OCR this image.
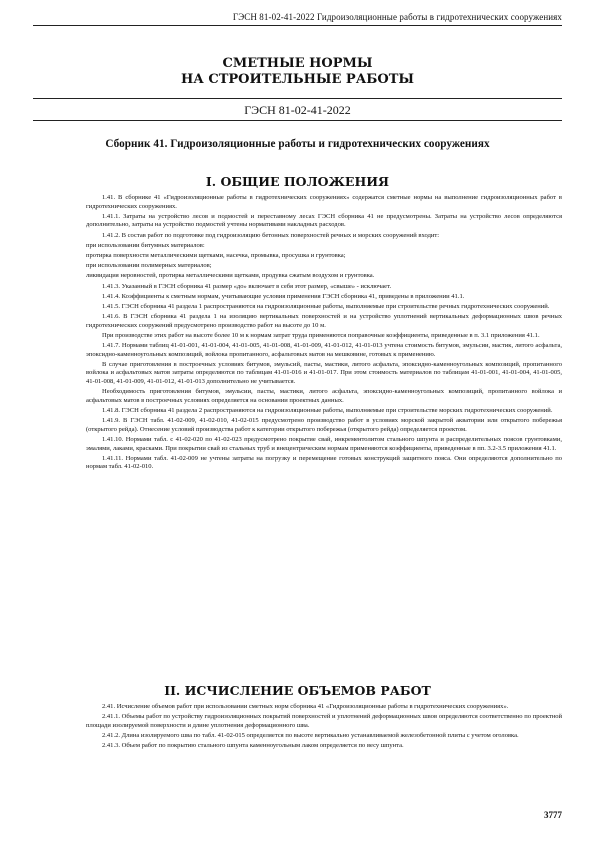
ГЭСН 81-02-41-2022 Гидроизоляционные работы в гидротехнических сооружениях
СМЕТНЫЕ НОРМЫ
НА СТРОИТЕЛЬНЫЕ РАБОТЫ
ГЭСН 81-02-41-2022
Сборник 41. Гидроизоляционные работы и гидротехнических сооружениях
I. ОБЩИЕ ПОЛОЖЕНИЯ

1.41. В сборнике 41 «Гидроизоляционные работы в гидротехнических сооружениях» содержатся сметные нормы на выполнение гидроизоляционных работ в гидротехнических сооружениях.

1.41.1. Затраты на устройство лесов и подмостей и переставному лесах ГЭСН сборника 41 не предусмотрены. Затраты на устройство лесов определяются дополнительно, затраты на устройство подмостей учтены нормативами накладных расходов.

1.41.2. В состав работ по подготовке под гидроизоляцию бетонных поверхностей речных и морских сооружений входит:

при использовании битумных материалов:

протирка поверхности металлическими щетками, насечка, промывка, просушка и грунтовка;

при использовании полимерных материалов;

ликвидация неровностей, протирка металлическими щетками, продувка сжатым воздухом и грунтовка.

1.41.3. Указанный в ГЭСН сборника 41 размер «до» включает в себя этот размер, «свыше» - исключает.

1.41.4. Коэффициенты к сметным нормам, учитывающие условия применения ГЭСН сборника 41, приведены в приложении 41.1.

1.41.5. ГЭСН сборника 41 раздела 1 распространяются на гидроизоляционные работы, выполняемые при строительстве речных гидротехнических сооружений.

1.41.6. В ГЭСН сборника 41 раздела 1 на изоляцию вертикальных поверхностей и на устройство уплотнений вертикальных деформационных швов речных гидротехнических сооружений предусмотрено производство работ на высоте до 10 м.

При производстве этих работ на высоте более 10 м к нормам затрат труда применяются поправочные коэффициенты, приведенные в п. 3.1 приложения 41.1.

1.41.7. Нормами таблиц 41-01-001, 41-01-004, 41-01-005, 41-01-008, 41-01-009, 41-01-012, 41-01-013 учтена стоимость битумов, эмульсии, мастик, литого асфальта, эпоксидно-каменноугольных композиций, войлока пропитанного, асфальтовых матов на мешковине, готовых к применению.

В случае приготовления в построечных условиях битумов, эмульсий, пасты, мастики, литого асфальта, эпоксидно-каменноугольных композиций, пропитанного войлока и асфальтовых матов затраты определяются по таблицам 41-01-016 и 41-01-017. При этом стоимость материалов по таблицам 41-01-001, 41-01-004, 41-01-005, 41-01-008, 41-01-009, 41-01-012, 41-01-013 дополнительно не учитывается.

Необходимость приготовления битумов, эмульсии, пасты, мастики, литого асфальта, эпоксидно-каменноугольных композиций, пропитанного войлока и асфальтовых матов в построечных условиях определяется на основании проектных данных.

1.41.8. ГЭСН сборника 41 раздела 2 распространяются на гидроизоляционные работы, выполняемые при строительстве морских гидротехнических сооружений.

1.41.9. В ГЭСН табл. 41-02-009, 41-02-010, 41-02-015 предусмотрено производство работ в условиях морской закрытой акватории или открытого побережья (открытого рейда). Отнесение условий производства работ к категории открытого побережья (открытого рейда) определяется проектом.

1.41.10. Нормами табл. с 41-02-020 по 41-02-023 предусмотрено покрытие свай, инкрементолитом стального шпунта и распределительных поясов грунтовками, эмалями, лаками, красками. При покрытии свай из стальных труб и внецентрическим нормам применяются коэффициенты, приведенные в пп. 3.2-3.5 приложения 41.1.

1.41.11. Нормами табл. 41-02-009 не учтены затраты на погрузку и перемещение готовых конструкций защитного пояса. Они определяются дополнительно по нормам табл. 41-02-010.

II. ИСЧИСЛЕНИЕ ОБЪЕМОВ РАБОТ

2.41. Исчисление объемов работ при использовании сметных норм сборника 41 «Гидроизоляционные работы в гидротехнических сооружениях».

2.41.1. Объемы работ по устройству гидроизоляционных покрытий поверхностей и уплотнений деформационных швов определяются соответственно по проектной площади изолируемой поверхности и длине уплотнения деформационного шва.

2.41.2. Длина изолируемого шва по табл. 41-02-015 определяется по высоте вертикально устанавливаемой железобетонной плиты с учетом оголовка.

2.41.3. Объем работ по покрытию стального шпунта каменноугольным лаком определяется по весу шпунта.

3777
